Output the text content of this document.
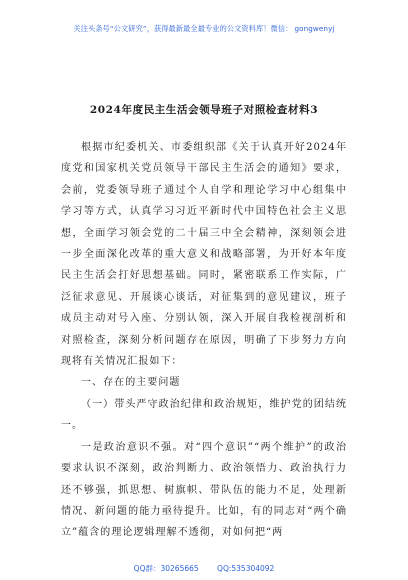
关注头条号“公文研究”，获得最新最全最专业的公文资料库！微信： gongwenyj
2024年度民主生活会领导班子对照检查材料3

根据市纪委机关、市委组织部《关于认真开好2024年度党和国家机关党员领导干部民主生活会的通知》要求，会前，党委领导班子通过个人自学和理论学习中心组集中学习等方式，认真学习习近平新时代中国特色社会主义思想，全面学习领会党的二十届三中全会精神，深刻领会进一步全面深化改革的重大意义和战略部署，为开好本年度民主生活会打好思想基础。同时，紧密联系工作实际，广泛征求意见、开展谈心谈话，对征集到的意见建议，班子成员主动对号入座、分别认领，深入开展自我检视剖析和对照检查，深刻分析问题存在原因，明确了下步努力方向现将有关情况汇报如下：

一、存在的主要问题

（一）带头严守政治纪律和政治规矩，维护党的团结统一。

一是政治意识不强。对“四个意识”“两个维护”的政治要求认识不深刻，政治判断力、政治领悟力、政治执行力还不够强，抓思想、树旗帜、带队伍的能力不足，处理新情况、新问题的能力亟待提升。比如，有的同志对“两个确立”蕴含的理论逻辑理解不透彻，对如何把“两

QQ群：30265665 QQ:535304092
